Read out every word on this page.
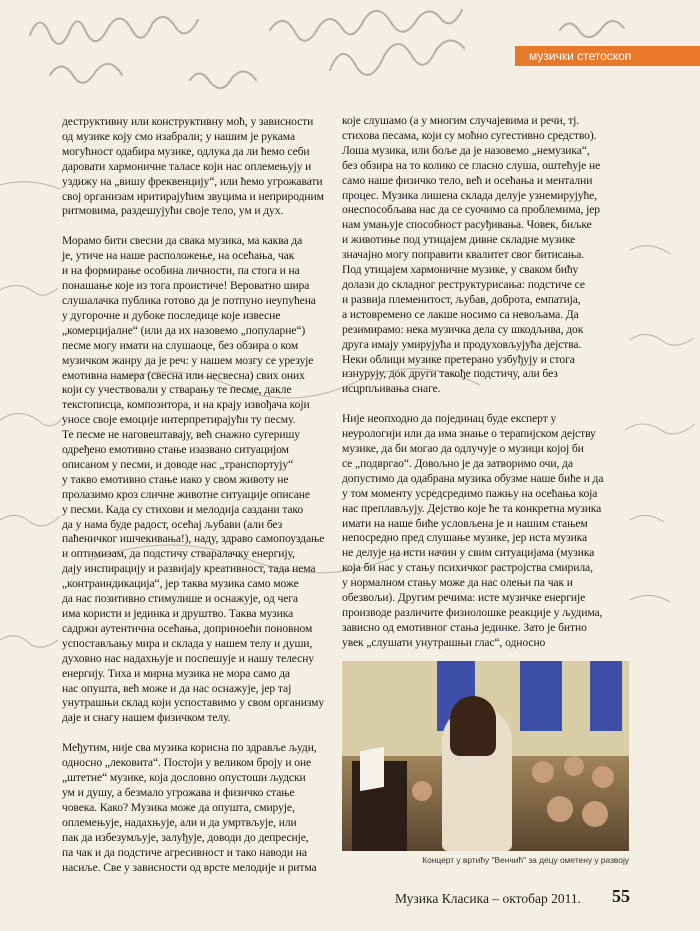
музички стетоскоп

деструктивну или конструктивну моћ, у зависности
од музике коју смо изабрали; у нашим је рукама
могућност одабира музике, одлука да ли ћемо себи
даровати хармоничне таласе који нас оплемењују и
уздижу на „вишу фреквенцију“, или ћемо угрожавати
свој организам иритирајућим звуцима и неприродним
ритмовима, раздешујући своје тело, ум и дух.

Морамо бити свесни да свака музика, ма каква да
је, утиче на наше расположење, на осећања, чак
и на формирање особина личности, па стога и на
понашање које из тога проистиче! Вероватно шира
слушалачка публика готово да је потпуно неупућена
у дугорочне и дубоке последице које извесне
„комерцијалне“ (или да их назовемо „популарне“)
песме могу имати на слушаоце, без обзира о ком
музичком жанру да је реч: у нашем мозгу се урезује
емотивна намера (свесна или несвесна) свих оних
који су учествовали у стварању те песме, дакле
текстописца, композитора, и на крају извођача који
уносе своје емоције интерпретирајући ту песму.
Те песме не наговештавају, већ снажно сугеришу
одређено емотивно стање изазвано ситуацијом
описаном у песми, и доводе нас „транспортују“
у такво емотивно стање иако у свом животу не
пролазимо кроз сличне животне ситуације описане
у песми. Када су стихови и мелодија саздани тако
да у нама буде радост, осећај љубави (али без
паћеничког ишчекивања!), наду, здраво самопоуздање
и оптимизам, да подстичу стваралачку енергију,
дају инспирацију и развијају креативност, тада нема
„контраиндикација“, јер таква музика само може
да нас позитивно стимулише и оснажује, од чега
има користи и јединка и друштво. Таква музика
садржи аутентична осећања, доприноећи поновном
успостављању мира и склада у нашем телу и души,
духовно нас надахњује и поспешује и нашу телесну
енергију. Тиха и мирна музика не мора само да
нас опушта, већ може и да нас оснажује, јер тај
унутрашњи склад који успоставимо у свом организму
даје и снагу нашем физичком телу.

Међутим, није сва музика корисна по здравље људи,
односно „лековита“. Постоји у великом броју и оне
„штетне“ музике, која дословно опустоши људски
ум и душу, а безмало угрожава и физичко стање
човека. Како? Музика може да опушта, смирује,
оплемењује, надахњује, али и да умртвљује, или
пак да избезумљује, залуђује, доводи до депресије,
па чак и да подстиче агресивност и тако наводи на
насиље. Све у зависности од врсте мелодије и ритма

које слушамо (а у многим случајевима и речи, тј.
стихова песама, који су моћно сугестивно средство).
Лоша музика, или боље да је назовемо „немузика“,
без обзира на то колико се гласно слуша, оштећује не
само наше физичко тело, већ и осећања и ментални
процес. Музика лишена склада делује узнемирујуће,
онеспособљава нас да се суочимо са проблемима, јер
нам умањује способност расуђивања. Човек, биљке
и животиње под утицајем дивне складне музике
значајно могу поправити квалитет свог битисања.
Под утицајем хармоничне музике, у сваком бићу
долази до складног реструктурисања: подстиче се
и развија племенитост, љубав, доброта, емпатија,
а истовремено се лакше носимо са невољама. Да
резимирамо: нека музичка дела су шкодљива, док
друга имају умирујућа и продуховљујућа дејства.
Неки облици музике претерано узбуђују и стога
изнурују, док други такође подстичу, али без
исцрпљивања снаге.

Није неопходно да појединац буде експерт у
неурологији или да има знање о терапијском дејству
музике, да би могао да одлучује о музици којој би
се „подвргао“. Довољно је да затворимо очи, да
допустимо да одабрана музика обузме наше биће и да
у том моменту усредсредимо пажњу на осећања која
нас преплављују. Дејство које ће та конкретна музика
имати на наше биће условљена је и нашим стањем
непосредно пред слушање музике, јер иста музика
не делује на исти начин у свим ситуацијама (музика
која би нас у стању психичког растројства смирила,
у нормалном стању може да нас олењи па чак и
обезвољи). Другим речима: исте музичке енергије
производе различите физиолошке реакције у људима,
зависно од емотивног стања јединке. Зато је битно
увек „слушати унутрашњи глас“, односно

Концерт у вртићу "Венчић" за децу ометену у развоју
Музика Класика – октобар 2011. 55
